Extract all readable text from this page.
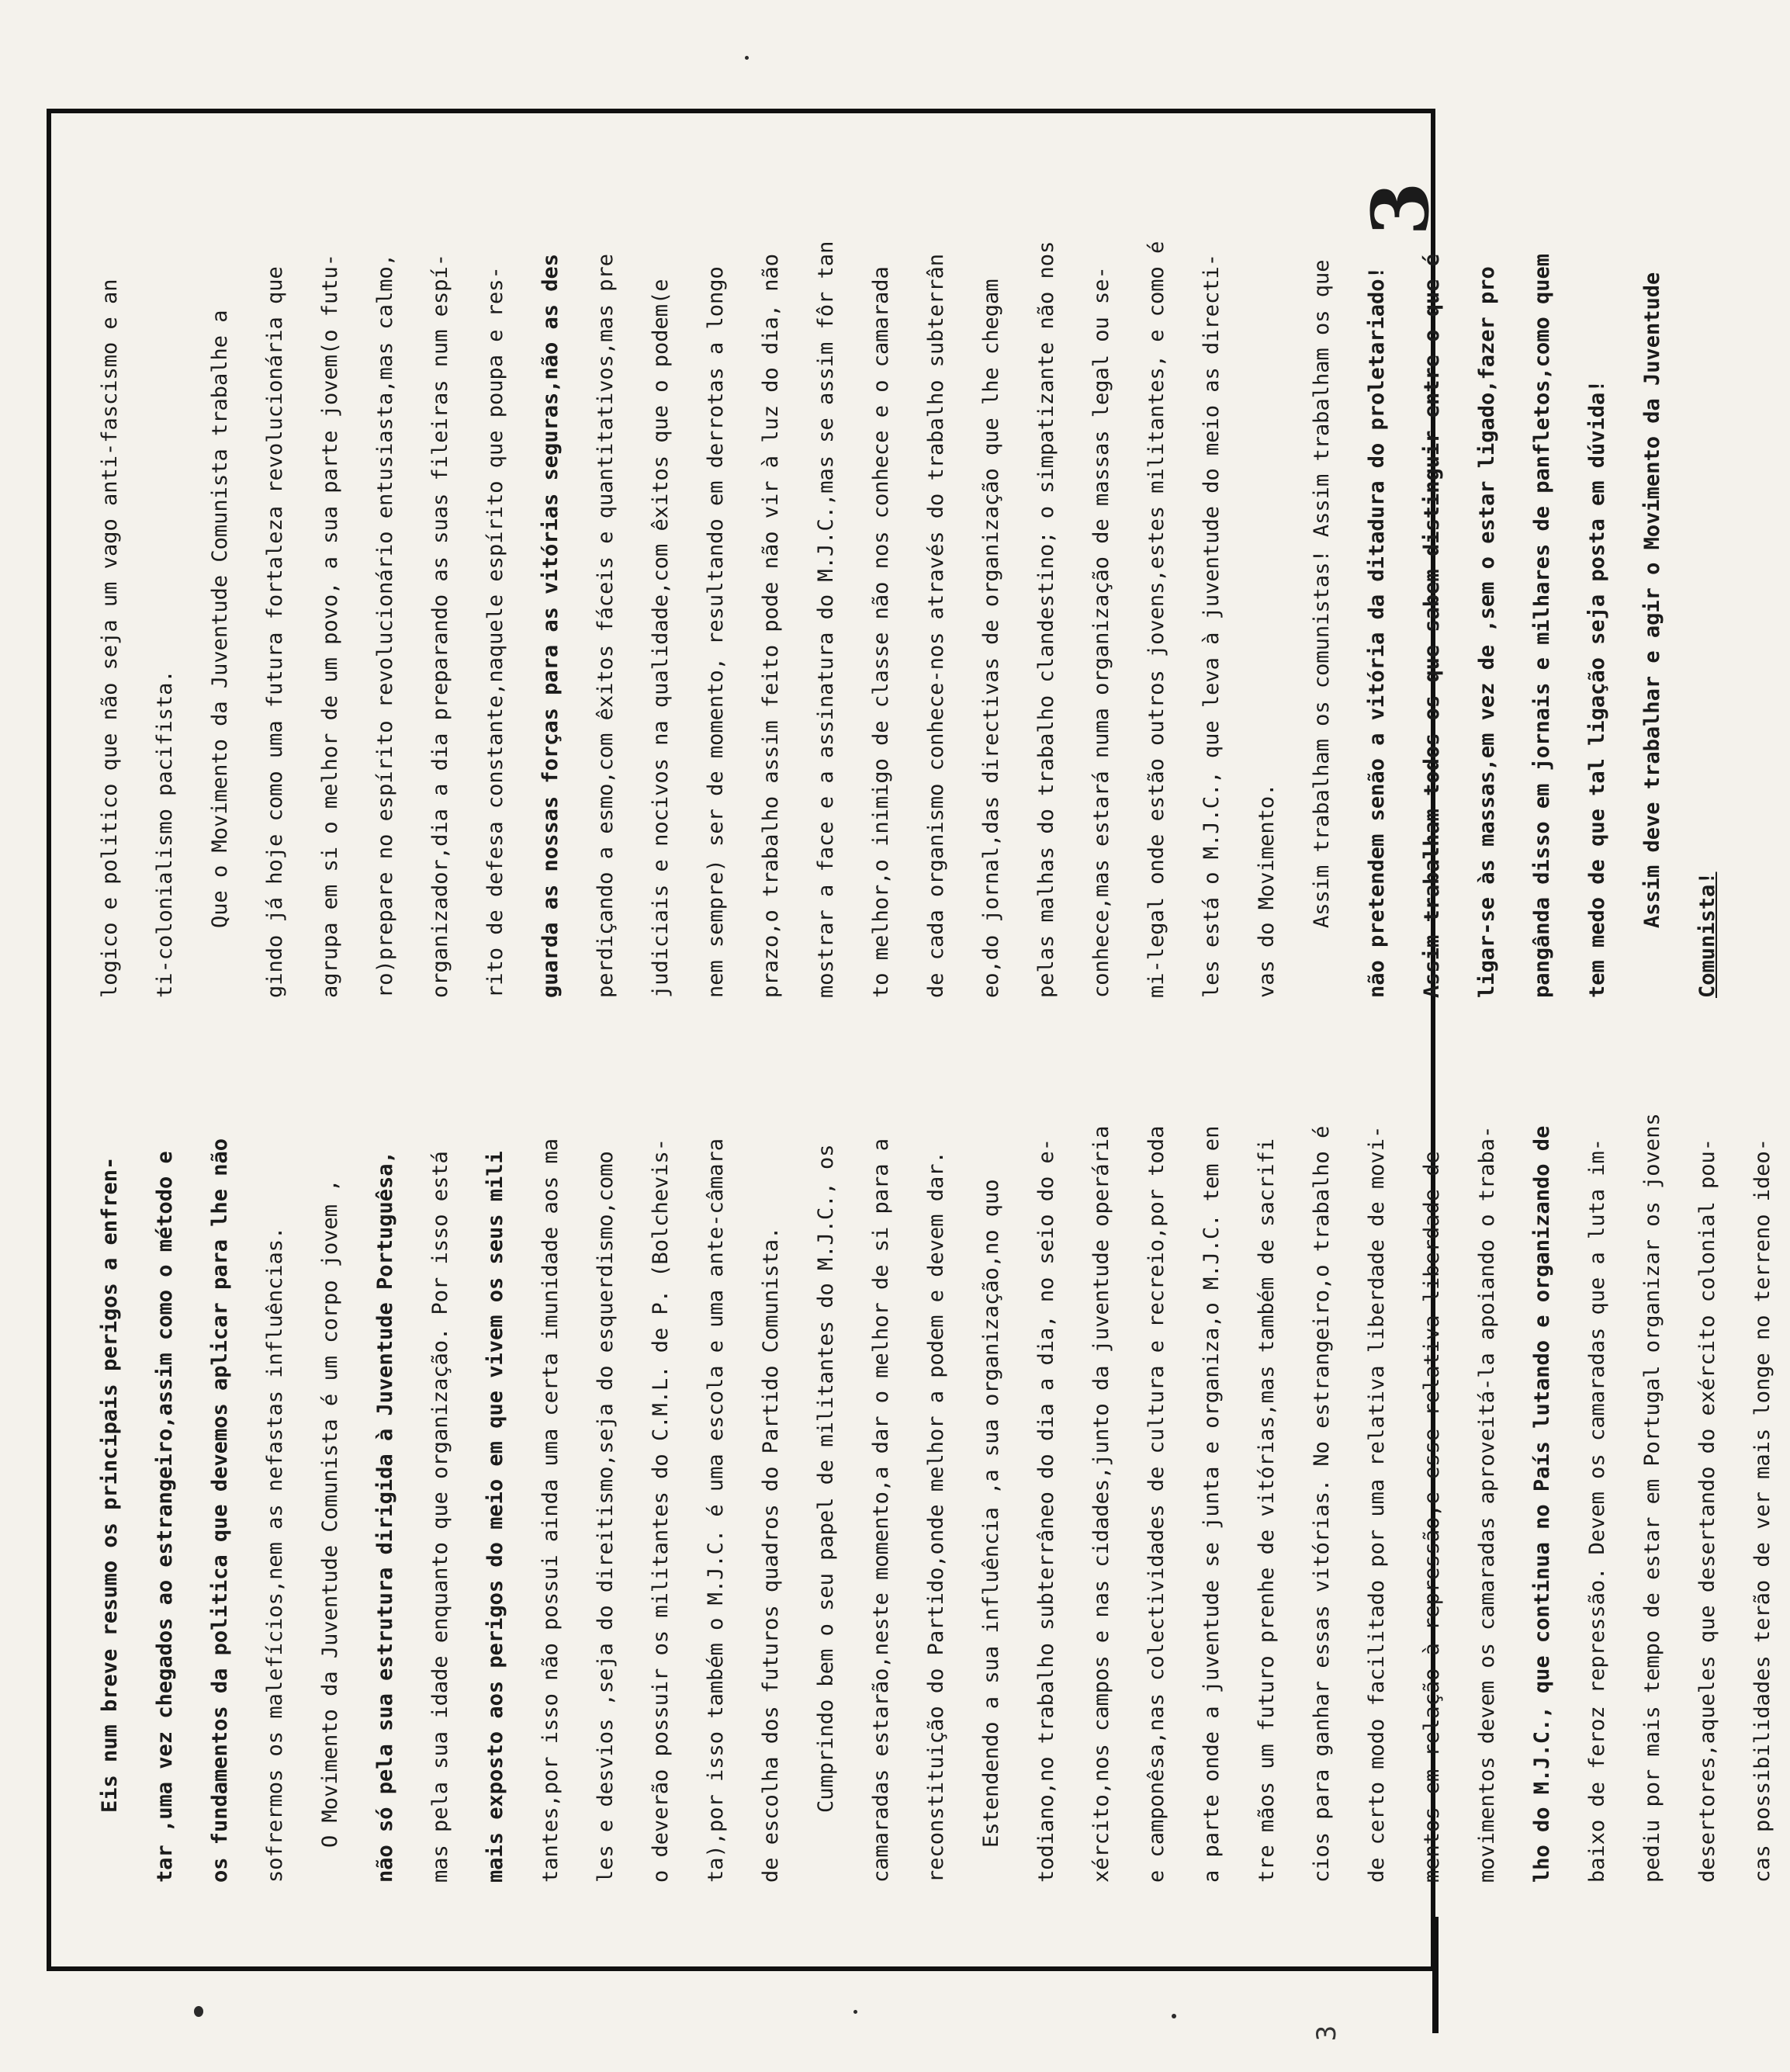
Eis num breve resumo os principais perigos a enfren-	tar ,uma vez chegados ao estrangeiro,assim como o método e	os fundamentos da politica que devemos aplicar para lhe não	sofrermos os malefícios,nem as nefastas influências.	O Movimento da Juventude Comunista é um corpo jovem ,	não só pela sua estrutura dirigida à Juventude Portuguêsa,	mas pela sua idade enquanto que organização. Por isso está	mais exposto aos perigos do meio em que vivem os seus mili	tantes,por isso não possui ainda uma certa imunidade aos ma	les e desvios ,seja do direitismo,seja do esquerdismo,como	o deverão possuir os militantes do C.M.L. de P. (Bolchevis-	ta),por isso também o M.J.C. é uma escola e uma ante-câmara	de escolha dos futuros quadros do Partido Comunista.	Cumprindo bem o seu papel de militantes do M.J.C., os	camaradas estarão,neste momento,a dar o melhor de si para a	reconstituição do Partido,onde melhor a podem e devem dar.	Estendendo a sua influência ,a sua organização,no quo	todiano,no trabalho subterrâneo do dia a dia, no seio do e-	xército,nos campos e nas cidades,junto da juventude operária	e camponêsa,nas colectividades de cultura e recreio,por toda	a parte onde a juventude se junta e organiza,o M.J.C. tem en	tre mãos um futuro prenhe de vitórias,mas também de sacrifi	cios para ganhar essas vitórias. No estrangeiro,o trabalho é	de certo modo facilitado por uma relativa liberdade de movi-	mentos em relação à repressão,e esse relativa liberdade de	movimentos devem os camaradas aproveitá-la apoiando o traba-	lho do M.J.C., que continua no País lutando e organizando de	baixo de feroz repressão. Devem os camaradas que a luta im-	pediu por mais tempo de estar em Portugal organizar os jovens	desertores,aqueles que desertando do exército colonial pou-	cas possibilidades terão de ver mais longe no terreno ideo-

logico e politico que não seja um vago anti-fascismo e an	ti-colonialismo pacifista.	Que o Movimento da Juventude Comunista trabalhe a	gindo já hoje como uma futura fortaleza revolucionária que	agrupa em si o melhor de um povo, a sua parte jovem(o futu-	ro)prepare no espírito revolucionário entusiasta,mas calmo,	organizador,dia a dia preparando as suas fileiras num espí-	rito de defesa constante,naquele espírito que poupa e res-	guarda as nossas forças para as vitórias seguras,não as des	perdiçando a esmo,com êxitos fáceis e quantitativos,mas pre	judiciais e nocivos na qualidade,com êxitos que o podem(e	nem sempre) ser de momento, resultando em derrotas a longo	prazo,o trabalho assim feito pode não vir à luz do dia, não	mostrar a face e a assinatura do M.J.C.,mas se assim fôr tan	to melhor,o inimigo de classe não nos conhece e o camarada	de cada organismo conhece-nos através do trabalho subterrân	eo,do jornal,das directivas de organização que lhe chegam	pelas malhas do trabalho clandestino; o simpatizante não nos	conhece,mas estará numa organização de massas legal ou se-	mi-legal onde estão outros jovens,estes militantes, e como é	les está o M.J.C., que leva à juventude do meio as directi-	vas do Movimento.	Assim trabalham os comunistas! Assim trabalham os que	não pretendem senão a vitória da ditadura do proletariado!	Assim trabalham todos os que sabem distinguir entre o que é	ligar-se às massas,em vez de ,sem o estar ligado,fazer pro	pangânda disso em jornais e milhares de panfletos,como quem	tem medo de que tal ligação seja posta em dúvida!	Assim deve trabalhar e agir o Movimento da Juventude

Comunista!

3
3
